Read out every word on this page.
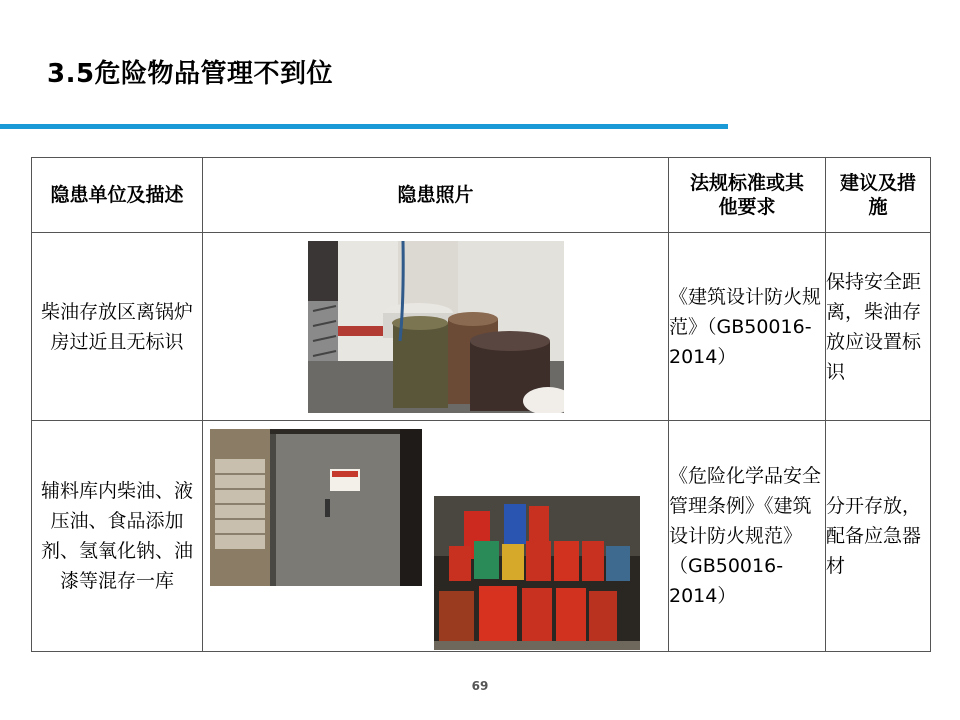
3.5危险物品管理不到位
隐患单位及描述	隐患照片	法规标准或其他要求	建议及措施
柴油存放区离锅炉房过近且无标识		《建筑设计防火规范》（GB50016-2014）	保持安全距离，柴油存放应设置标识
辅料库内柴油、液压油、食品添加剂、氢氧化钠、油漆等混存一库		《危险化学品安全管理条例》《建筑设计防火规范》（GB50016-2014）	分开存放，配备应急器材
69
